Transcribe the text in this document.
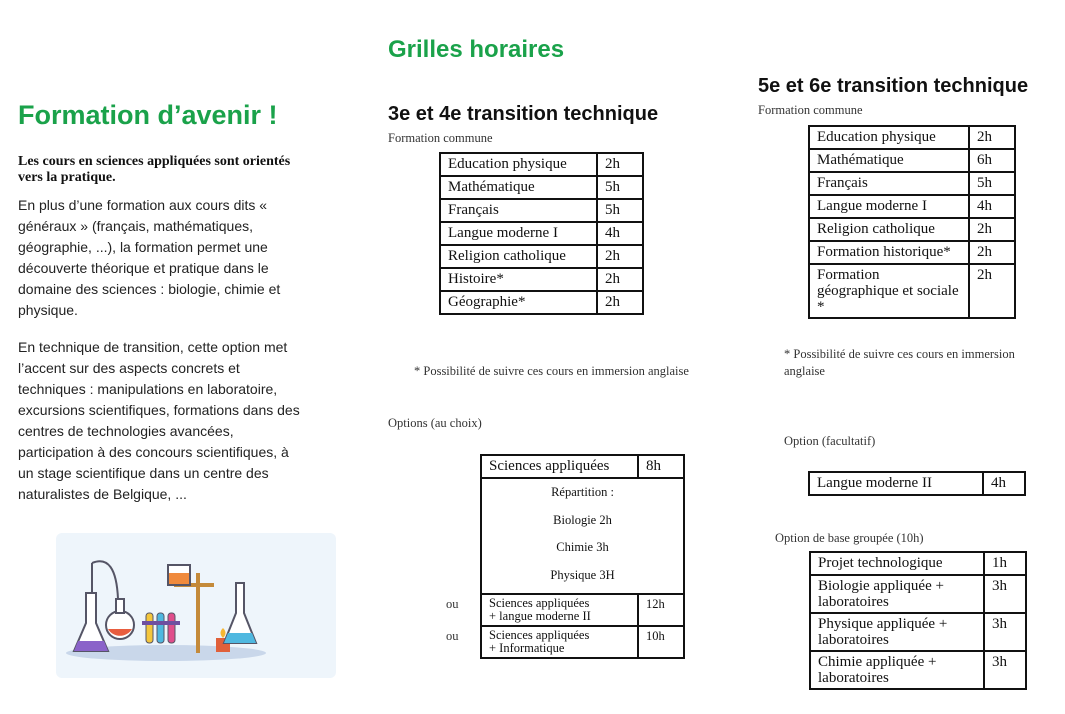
Formation d’avenir !
Les cours en sciences appliquées sont orientés vers la pratique.
En plus d’une formation aux cours dits « généraux » (français, mathématiques, géographie, ...), la formation permet une découverte théorique et pratique dans le domaine des sciences : biologie, chimie et physique.
En technique de transition, cette option met l’accent sur des aspects concrets et techniques : manipulations en laboratoire, excursions scientifiques, formations dans des centres de technologies avancées, participation à des concours scientifiques, à un stage scientifique dans un centre des naturalistes de Belgique, ...
Grilles horaires
3e et 4e transition technique
Formation commune
Education physique	2h
Mathématique	5h
Français	5h
Langue moderne I	4h
Religion catholique	2h
Histoire*	2h
Géographie*	2h
* Possibilité de suivre ces cours en immersion anglaise
Options (au choix)
Sciences appliquées	8h

Répartition :
Biologie 2h
Chimie 3h
Physique 3H	

Sciences appliquées
+ langue moderne II	12h

Sciences appliquées
+ Informatique	10h
ou
ou
5e et 6e transition technique
Formation commune
Education physique	2h
Mathématique	6h
Français	5h
Langue moderne I	4h
Religion catholique	2h
Formation historique*	2h
Formation géographique et sociale *	2h
* Possibilité de suivre ces cours en immersion anglaise
Option (facultatif)
Langue moderne II	4h
Option de base groupée (10h)
Projet technologique	1h
Biologie appliquée + laboratoires	3h
Physique appliquée + laboratoires	3h
Chimie appliquée + laboratoires	3h
